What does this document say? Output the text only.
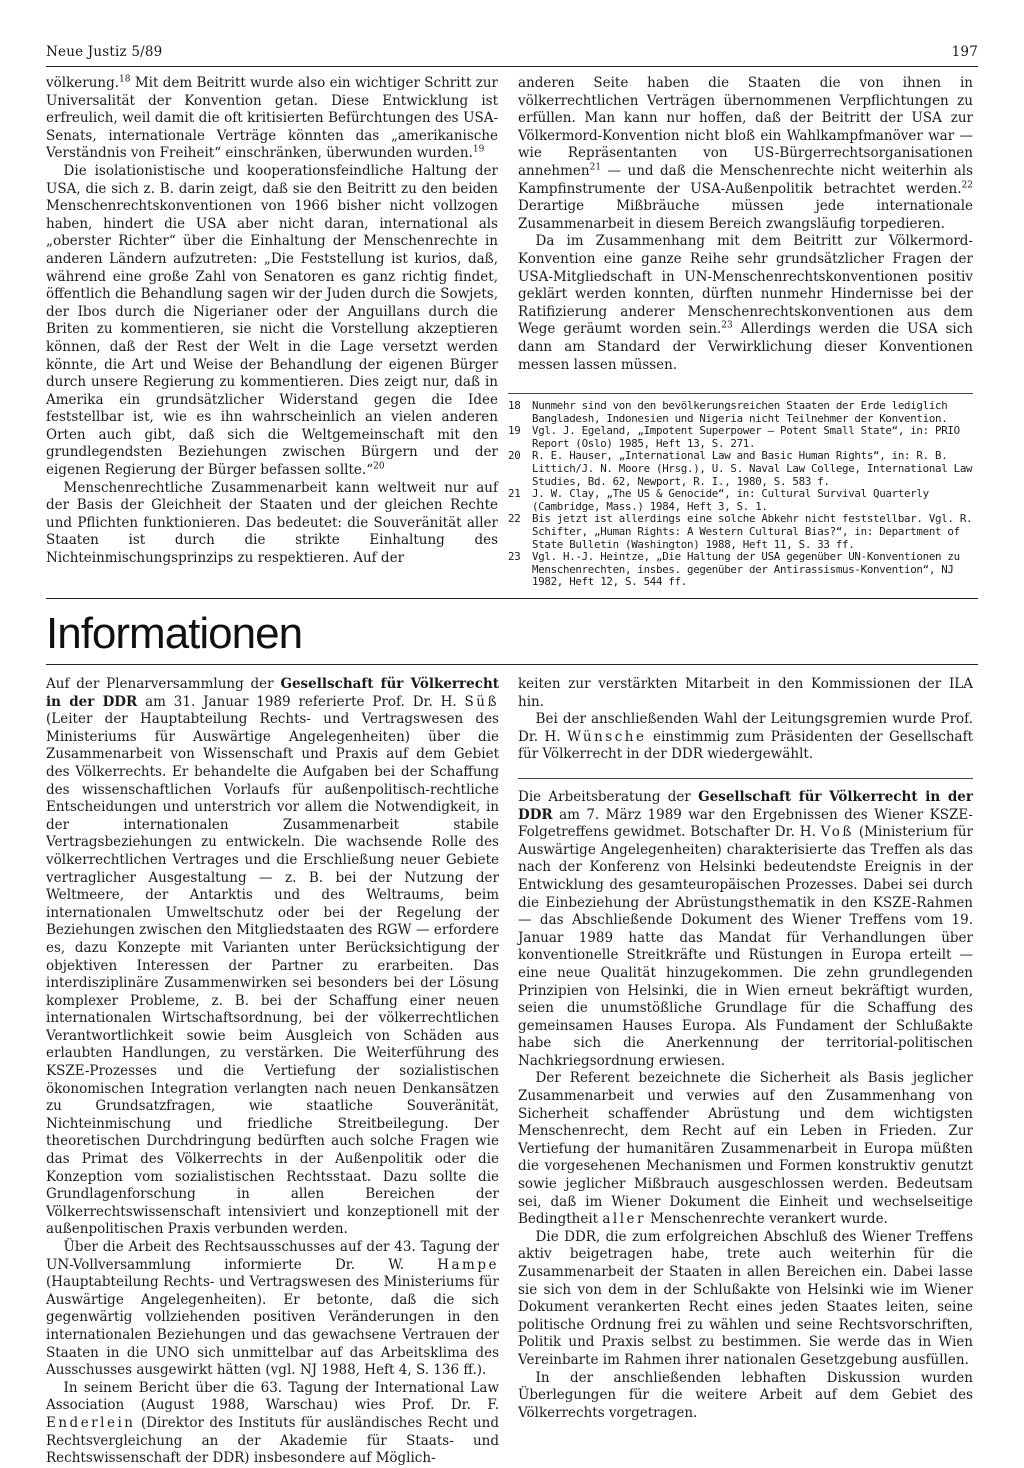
Neue Justiz 5/89	197

völkerung.$^{18}$ Mit dem Beitritt wurde also ein wichtiger Schritt zur Universalität der Konvention getan. Diese Entwicklung ist erfreulich, weil damit die oft kritisierten Befürchtungen des USA-Senats, internationale Verträge könnten das „amerikanische Verständnis von Freiheit“ einschränken, überwunden wurden.$^{19}$

Die isolationistische und kooperationsfeindliche Haltung der USA, die sich z. B. darin zeigt, daß sie den Beitritt zu den beiden Menschenrechtskonventionen von 1966 bisher nicht vollzogen haben, hindert die USA aber nicht daran, international als „oberster Richter“ über die Einhaltung der Menschenrechte in anderen Ländern aufzutreten: „Die Feststellung ist kurios, daß, während eine große Zahl von Senatoren es ganz richtig findet, öffentlich die Behandlung sagen wir der Juden durch die Sowjets, der Ibos durch die Nigerianer oder der Anguillans durch die Briten zu kommentieren, sie nicht die Vorstellung akzeptieren können, daß der Rest der Welt in die Lage versetzt werden könnte, die Art und Weise der Behandlung der eigenen Bürger durch unsere Regierung zu kommentieren. Dies zeigt nur, daß in Amerika ein grundsätzlicher Widerstand gegen die Idee feststellbar ist, wie es ihn wahrscheinlich an vielen anderen Orten auch gibt, daß sich die Weltgemeinschaft mit den grundlegendsten Beziehungen zwischen Bürgern und der eigenen Regierung der Bürger befassen sollte.“$^{20}$

Menschenrechtliche Zusammenarbeit kann weltweit nur auf der Basis der Gleichheit der Staaten und der gleichen Rechte und Pflichten funktionieren. Das bedeutet: die Souveränität aller Staaten ist durch die strikte Einhaltung des Nichteinmischungsprinzips zu respektieren. Auf der

anderen Seite haben die Staaten die von ihnen in völkerrechtlichen Verträgen übernommenen Verpflichtungen zu erfüllen. Man kann nur hoffen, daß der Beitritt der USA zur Völkermord-Konvention nicht bloß ein Wahlkampfmanöver war — wie Repräsentanten von US-Bürgerrechtsorganisationen annehmen$^{21}$ — und daß die Menschenrechte nicht weiterhin als Kampfinstrumente der USA-Außenpolitik betrachtet werden.$^{22}$ Derartige Mißbräuche müssen jede internationale Zusammenarbeit in diesem Bereich zwangsläufig torpedieren.

Da im Zusammenhang mit dem Beitritt zur Völkermord-Konvention eine ganze Reihe sehr grundsätzlicher Fragen der USA-Mitgliedschaft in UN-Menschenrechtskonventionen positiv geklärt werden konnten, dürften nunmehr Hindernisse bei der Ratifizierung anderer Menschenrechtskonventionen aus dem Wege geräumt worden sein.$^{23}$ Allerdings werden die USA sich dann am Standard der Verwirklichung dieser Konventionen messen lassen müssen.

18	Nunmehr sind von den bevölkerungsreichen Staaten der Erde lediglich Bangladesh, Indonesien und Nigeria nicht Teilnehmer der Konvention.
19	Vgl. J. Egeland, „Impotent Superpower — Potent Small State“, in: PRIO Report (Oslo) 1985, Heft 13, S. 271.
20	R. E. Hauser, „International Law and Basic Human Rights“, in: R. B. Littich/J. N. Moore (Hrsg.), U. S. Naval Law College, International Law Studies, Bd. 62, Newport, R. I., 1980, S. 583 f.
21	J. W. Clay, „The US & Genocide“, in: Cultural Survival Quarterly (Cambridge, Mass.) 1984, Heft 3, S. 1.
22	Bis jetzt ist allerdings eine solche Abkehr nicht feststellbar. Vgl. R. Schifter, „Human Rights: A Western Cultural Bias?“, in: Department of State Bulletin (Washington) 1988, Heft 11, S. 33 ff.
23	Vgl. H.-J. Heintze, „Die Haltung der USA gegenüber UN-Konventionen zu Menschenrechten, insbes. gegenüber der Antirassismus-Konvention“, NJ 1982, Heft 12, S. 544 ff.
Informationen

Auf der Plenarversammlung der Gesellschaft für Völkerrecht in der DDR am 31. Januar 1989 referierte Prof. Dr. H. Süß (Leiter der Hauptabteilung Rechts- und Vertragswesen des Ministeriums für Auswärtige Angelegenheiten) über die Zusammenarbeit von Wissenschaft und Praxis auf dem Gebiet des Völkerrechts. Er behandelte die Aufgaben bei der Schaffung des wissenschaftlichen Vorlaufs für außenpolitisch-rechtliche Entscheidungen und unterstrich vor allem die Notwendigkeit, in der internationalen Zusammenarbeit stabile Vertragsbeziehungen zu entwickeln. Die wachsende Rolle des völkerrechtlichen Vertrages und die Erschließung neuer Gebiete vertraglicher Ausgestaltung — z. B. bei der Nutzung der Weltmeere, der Antarktis und des Weltraums, beim internationalen Umweltschutz oder bei der Regelung der Beziehungen zwischen den Mitgliedstaaten des RGW — erfordere es, dazu Konzepte mit Varianten unter Berücksichtigung der objektiven Interessen der Partner zu erarbeiten. Das interdisziplinäre Zusammenwirken sei besonders bei der Lösung komplexer Probleme, z. B. bei der Schaffung einer neuen internationalen Wirtschaftsordnung, bei der völkerrechtlichen Verantwortlichkeit sowie beim Ausgleich von Schäden aus erlaubten Handlungen, zu verstärken. Die Weiterführung des KSZE-Prozesses und die Vertiefung der sozialistischen ökonomischen Integration verlangten nach neuen Denkansätzen zu Grundsatzfragen, wie staatliche Souveränität, Nichteinmischung und friedliche Streitbeilegung. Der theoretischen Durchdringung bedürften auch solche Fragen wie das Primat des Völkerrechts in der Außenpolitik oder die Konzeption vom sozialistischen Rechtsstaat. Dazu sollte die Grundlagenforschung in allen Bereichen der Völkerrechtswissenschaft intensiviert und konzeptionell mit der außenpolitischen Praxis verbunden werden.

Über die Arbeit des Rechtsausschusses auf der 43. Tagung der UN-Vollversammlung informierte Dr. W. Hampe (Hauptabteilung Rechts- und Vertragswesen des Ministeriums für Auswärtige Angelegenheiten). Er betonte, daß die sich gegenwärtig vollziehenden positiven Veränderungen in den internationalen Beziehungen und das gewachsene Vertrauen der Staaten in die UNO sich unmittelbar auf das Arbeitsklima des Ausschusses ausgewirkt hätten (vgl. NJ 1988, Heft 4, S. 136 ff.).

In seinem Bericht über die 63. Tagung der International Law Association (August 1988, Warschau) wies Prof. Dr. F. Enderlein (Direktor des Instituts für ausländisches Recht und Rechtsvergleichung an der Akademie für Staats- und Rechtswissenschaft der DDR) insbesondere auf Möglich-

keiten zur verstärkten Mitarbeit in den Kommissionen der ILA hin.

Bei der anschließenden Wahl der Leitungsgremien wurde Prof. Dr. H. Wünsche einstimmig zum Präsidenten der Gesellschaft für Völkerrecht in der DDR wiedergewählt.

Die Arbeitsberatung der Gesellschaft für Völkerrecht in der DDR am 7. März 1989 war den Ergebnissen des Wiener KSZE-Folgetreffens gewidmet. Botschafter Dr. H. Voß (Ministerium für Auswärtige Angelegenheiten) charakterisierte das Treffen als das nach der Konferenz von Helsinki bedeutendste Ereignis in der Entwicklung des gesamteuropäischen Prozesses. Dabei sei durch die Einbeziehung der Abrüstungsthematik in den KSZE-Rahmen — das Abschließende Dokument des Wiener Treffens vom 19. Januar 1989 hatte das Mandat für Verhandlungen über konventionelle Streitkräfte und Rüstungen in Europa erteilt — eine neue Qualität hinzugekommen. Die zehn grundlegenden Prinzipien von Helsinki, die in Wien erneut bekräftigt wurden, seien die unumstößliche Grundlage für die Schaffung des gemeinsamen Hauses Europa. Als Fundament der Schlußakte habe sich die Anerkennung der territorial-politischen Nachkriegsordnung erwiesen.

Der Referent bezeichnete die Sicherheit als Basis jeglicher Zusammenarbeit und verwies auf den Zusammenhang von Sicherheit schaffender Abrüstung und dem wichtigsten Menschenrecht, dem Recht auf ein Leben in Frieden. Zur Vertiefung der humanitären Zusammenarbeit in Europa müßten die vorgesehenen Mechanismen und Formen konstruktiv genutzt sowie jeglicher Mißbrauch ausgeschlossen werden. Bedeutsam sei, daß im Wiener Dokument die Einheit und wechselseitige Bedingtheit aller Menschenrechte verankert wurde.

Die DDR, die zum erfolgreichen Abschluß des Wiener Treffens aktiv beigetragen habe, trete auch weiterhin für die Zusammenarbeit der Staaten in allen Bereichen ein. Dabei lasse sie sich von dem in der Schlußakte von Helsinki wie im Wiener Dokument verankerten Recht eines jeden Staates leiten, seine politische Ordnung frei zu wählen und seine Rechtsvorschriften, Politik und Praxis selbst zu bestimmen. Sie werde das in Wien Vereinbarte im Rahmen ihrer nationalen Gesetzgebung ausfüllen.

In der anschließenden lebhaften Diskussion wurden Überlegungen für die weitere Arbeit auf dem Gebiet des Völkerrechts vorgetragen.
